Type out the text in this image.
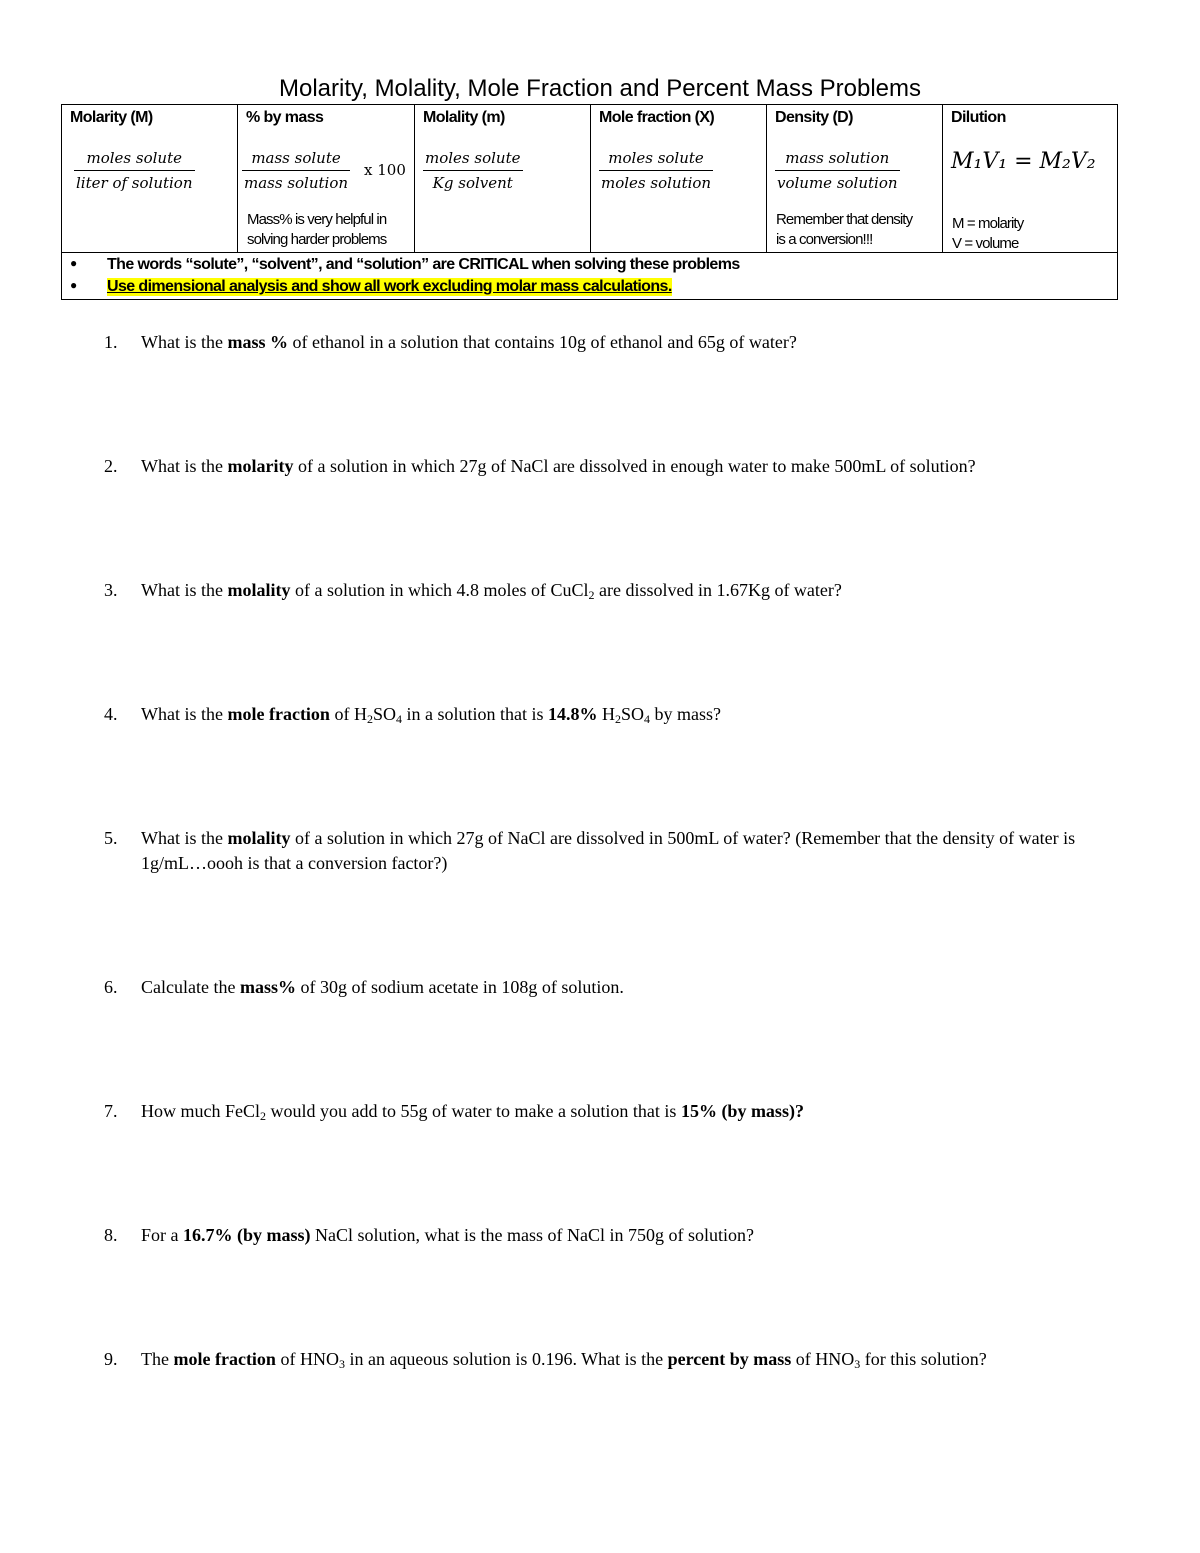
Molarity, Molality, Mole Fraction and Percent Mass Problems
Molarity (M)
moles solute
liter of solution
% by mass
mass solute
mass solution
x 100
Mass% is very helpful in
solving harder problems
Molality (m)
moles solute
Kg solvent
Mole fraction (X)
moles solute
moles solution
Density (D)
mass solution
volume solution
Remember that density
is a conversion!!!
Dilution
M₁V₁ = M₂V₂
M = molarity
V = volume
● The words “solute”, “solvent”, and “solution” are CRITICAL when solving these problems
● Use dimensional analysis and show all work excluding molar mass calculations.
1. What is the mass % of ethanol in a solution that contains 10g of ethanol and 65g of water?
2. What is the molarity of a solution in which 27g of NaCl are dissolved in enough water to make 500mL of solution?
3. What is the molality of a solution in which 4.8 moles of CuCl$_2$ are dissolved in 1.67Kg of water?
4. What is the mole fraction of $H_2SO_4$ in a solution that is 14.8% $H_2SO_4$ by mass?
5. What is the molality of a solution in which 27g of NaCl are dissolved in 500mL of water? (Remember that the density of water is 1g/mL…oooh is that a conversion factor?)
6. Calculate the mass% of 30g of sodium acetate in 108g of solution.
7. How much FeCl$_2$ would you add to 55g of water to make a solution that is 15% (by mass)?
8. For a 16.7% (by mass) NaCl solution, what is the mass of NaCl in 750g of solution?
9. The mole fraction of $HNO_3$ in an aqueous solution is 0.196. What is the percent by mass of $HNO_3$ for this solution?
